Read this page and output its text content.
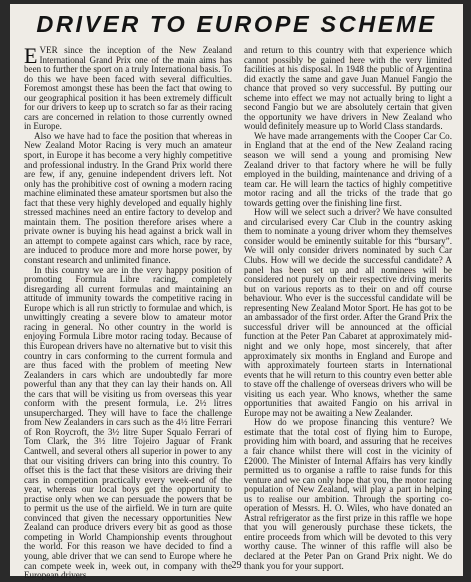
DRIVER TO EUROPE SCHEME

EVER since the inception of the New Zealand International Grand Prix one of the main aims has been to further the sport on a truly International basis. To do this we have been faced with several difficulties. Foremost amongst these has been the fact that owing to our geographical position it has been extremely difficult for our drivers to keep up to scratch so far as their racing cars are concerned in relation to those currently owned in Europe.

Also we have had to face the position that whereas in New Zealand Motor Racing is very much an amateur sport, in Europe it has become a very highly competitive and professional industry. In the Grand Prix world there are few, if any, genuine independent drivers left. Not only has the prohibitive cost of owning a modern racing machine eliminated these amateur sportsmen but also the fact that these very highly developed and equally highly stressed machines need an entire factory to develop and maintain them. The position therefore arises where a private owner is buying his head against a brick wall in an attempt to compete against cars which, race by race, are induced to produce more and more horse power, by constant research and unlimited finance.

In this country we are in the very happy position of promoting Formula Libre racing, completely disregarding all current formulas and maintaining an attitude of immunity towards the competitive racing in Europe which is all run strictly to formulae and which, is unwittingly creating a severe blow to amateur motor racing in general. No other country in the world is enjoying Formula Libre motor racing today. Because of this European drivers have no alternative but to visit this country in cars conforming to the current formula and are thus faced with the problem of meeting New Zealanders in cars which are undoubtedly far more powerful than any that they can lay their hands on. All the cars that will be visiting us from overseas this year conform with the present formula, i.e. 2½ litres unsupercharged. They will have to face the challenge from New Zealanders in cars such as the 4½ litre Ferrari of Ron Roycroft, the 3½ litre Super Squalo Ferrari of Tom Clark, the 3½ litre Tojeiro Jaguar of Frank Cantwell, and several others all superior in power to any that our visiting drivers can bring into this country. To offset this is the fact that these visitors are driving their cars in competition practically every week-end of the year, whereas our local boys get the opportunity to practise only when we can persuade the powers that be to permit us the use of the airfield. We in turn are quite convinced that given the necessary opportunities New Zealand can produce drivers every bit as good as those competing in World Championship events throughout the world. For this reason we have decided to find a young, able driver that we can send to Europe where he can compete week in, week out, in company with the European drivers

and return to this country with that experience which cannot possibly be gained here with the very limited facilities at his disposal. In 1948 the public of Argentina did exactly the same and gave Juan Manuel Fangio the chance that proved so very successful. By putting our scheme into effect we may not actually bring to light a second Fangio but we are absolutely certain that given the opportunity we have drivers in New Zealand who would definitely measure up to World Class standards.

We have made arrangements with the Cooper Car Co. in England that at the end of the New Zealand racing season we will send a young and promising New Zealand driver to that factory where he will be fully employed in the building, maintenance and driving of a team car. He will learn the tactics of highly competitive motor racing and all the tricks of the trade that go towards getting over the finishing line first.

How will we select such a driver? We have consulted and circularised every Car Club in the country asking them to nominate a young driver whom they themselves consider would be eminently suitable for this “bursary”. We will only consider drivers nominated by such Car Clubs. How will we decide the successful candidate? A panel has been set up and all nominees will be considered not purely on their respective driving merits but on various reports as to their on and off course behaviour. Who ever is the successful candidate will be representing New Zealand Motor Sport. He has got to be an ambassador of the first order. After the Grand Prix the successful driver will be announced at the official function at the Peter Pan Cabaret at approximately mid-night and we only hope, most sincerely, that after approximately six months in England and Europe and with approximately fourteen starts in International events that he will return to this country even better able to stave off the challenge of overseas drivers who will be visiting us each year. Who knows, whether the same opportunities that awaited Fangio on his arrival in Europe may not be awaiting a New Zealander.

How do we propose financing this venture? We estimate that the total cost of flying him to Europe, providing him with board, and assuring that he receives a fair chance whilst there will cost in the vicinity of £2000. The Minister of Internal Affairs has very kindly permitted us to organise a raffle to raise funds for this venture and we can only hope that you, the motor racing population of New Zealand, will play a part in helping us to realise our ambition. Through the sporting co-operation of Messrs. H. O. Wiles, who have donated an Astral refrigerator as the first prize in this raffle we hope that you will generously purchase these tickets, the entire proceeds from which will be devoted to this very worthy cause. The winner of this raffle will also be declared at the Peter Pan on Grand Prix night. We do thank you for your support.

29
